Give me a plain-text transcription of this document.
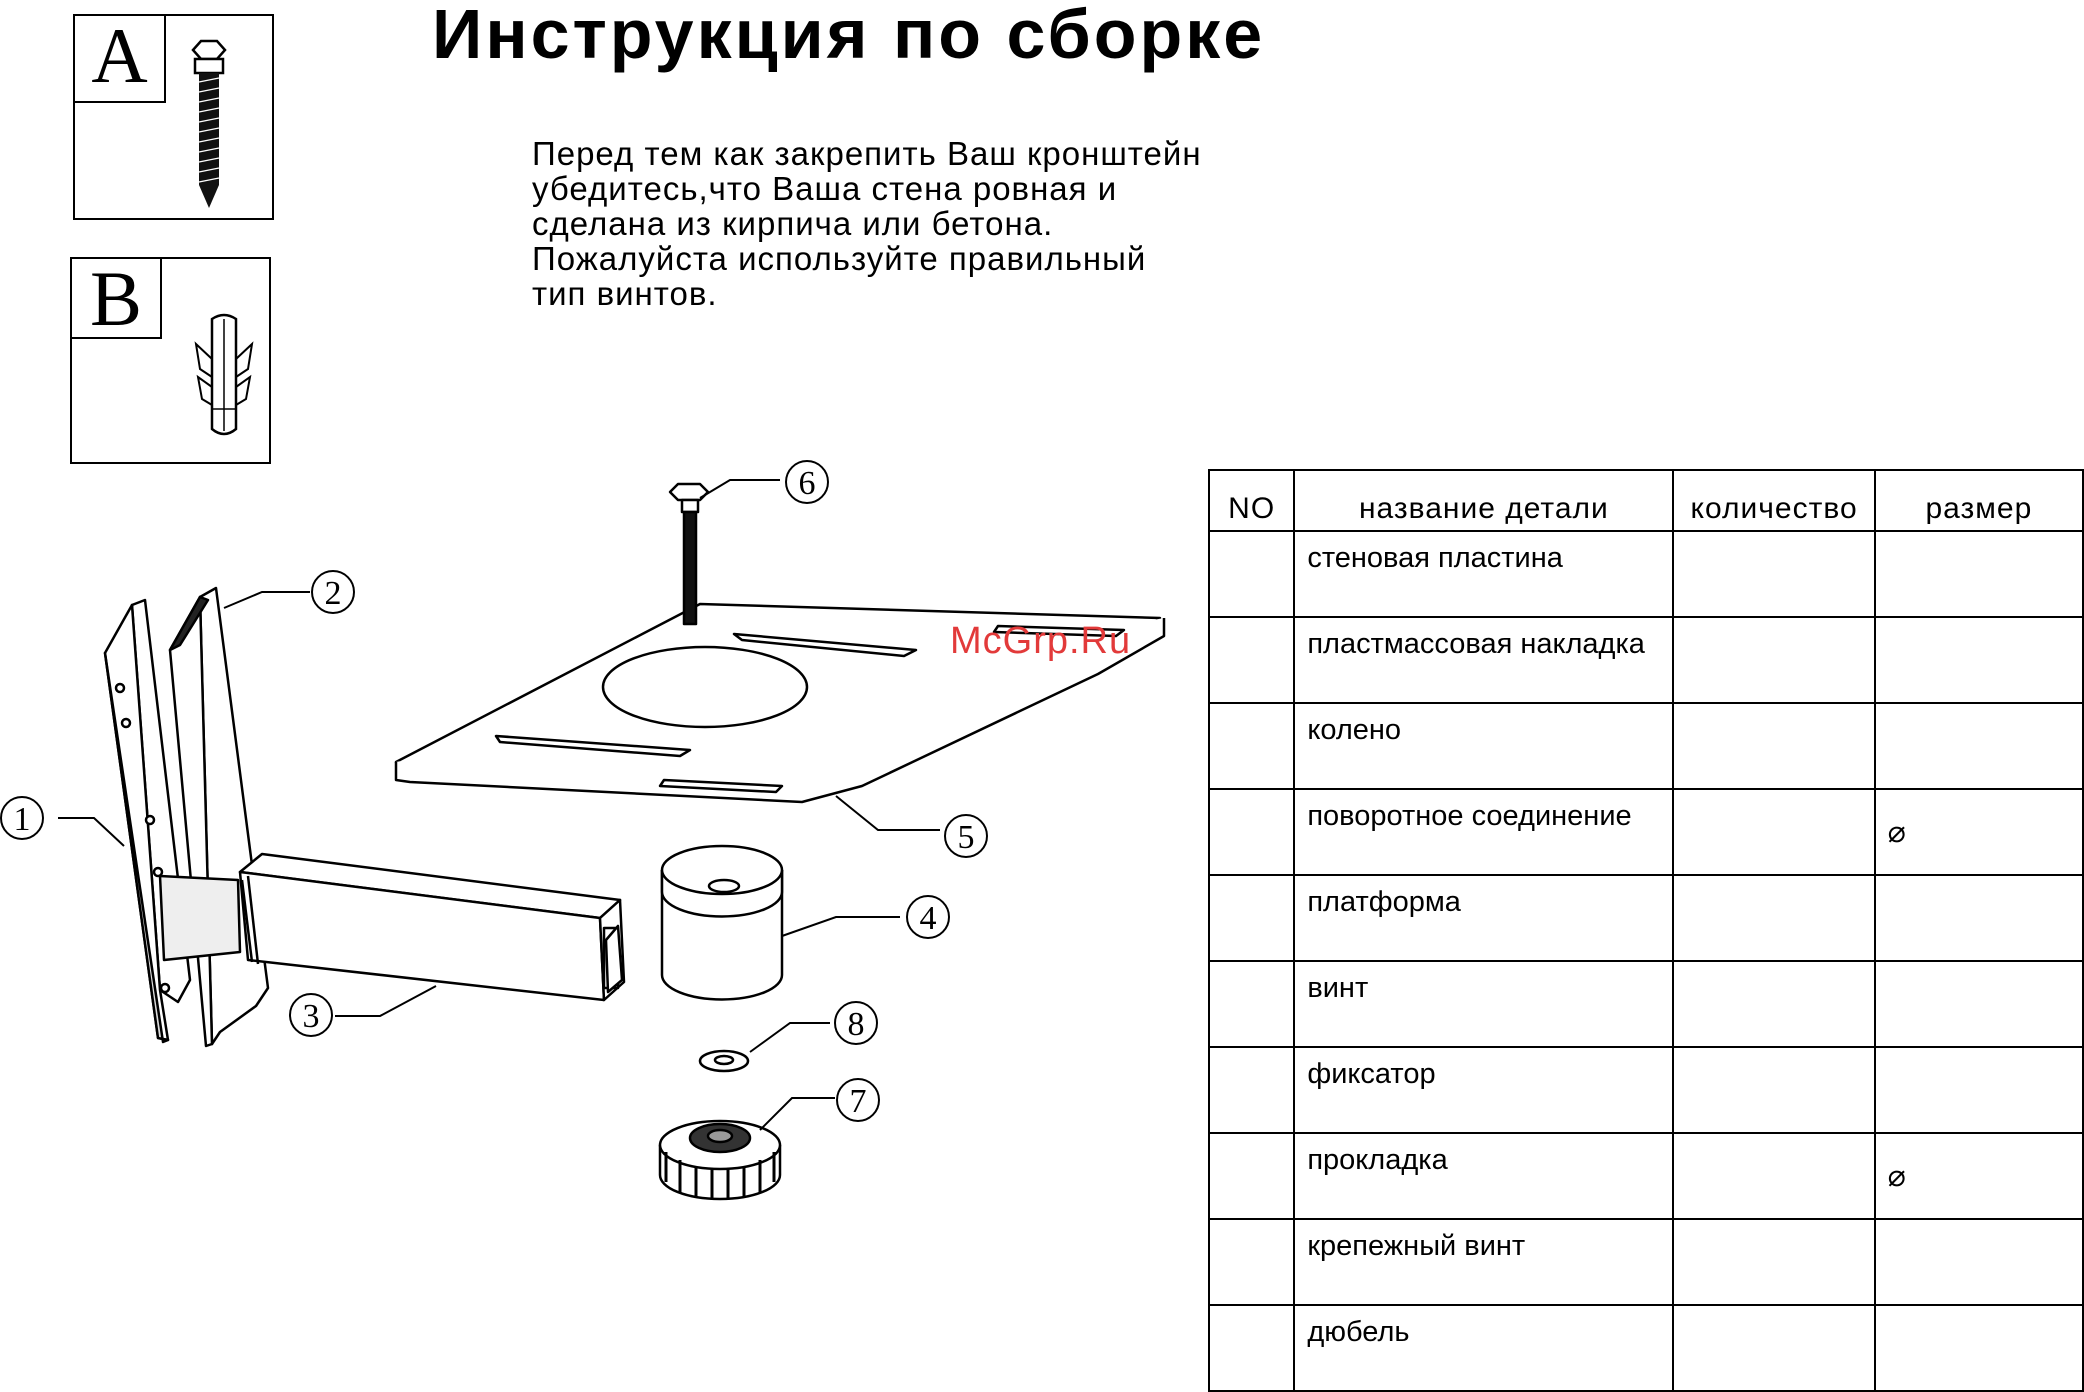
Инструкция по сборке
Перед тем как закрепить Ваш кронштейн
убедитесь,что Ваша стена ровная и
сделана из кирпича или бетона.
Пожалуйста используйте правильный
тип винтов.
A
B
1
2
3
4
5
6
7
8
McGrp.Ru
NO	название детали	количество	размер
	стеновая пластина		
	пластмассовая накладка		
	колено		
	поворотное соединение		⌀
	платформа		
	винт		
	фиксатор		
	прокладка		⌀
	крепежный винт		
	дюбель		
